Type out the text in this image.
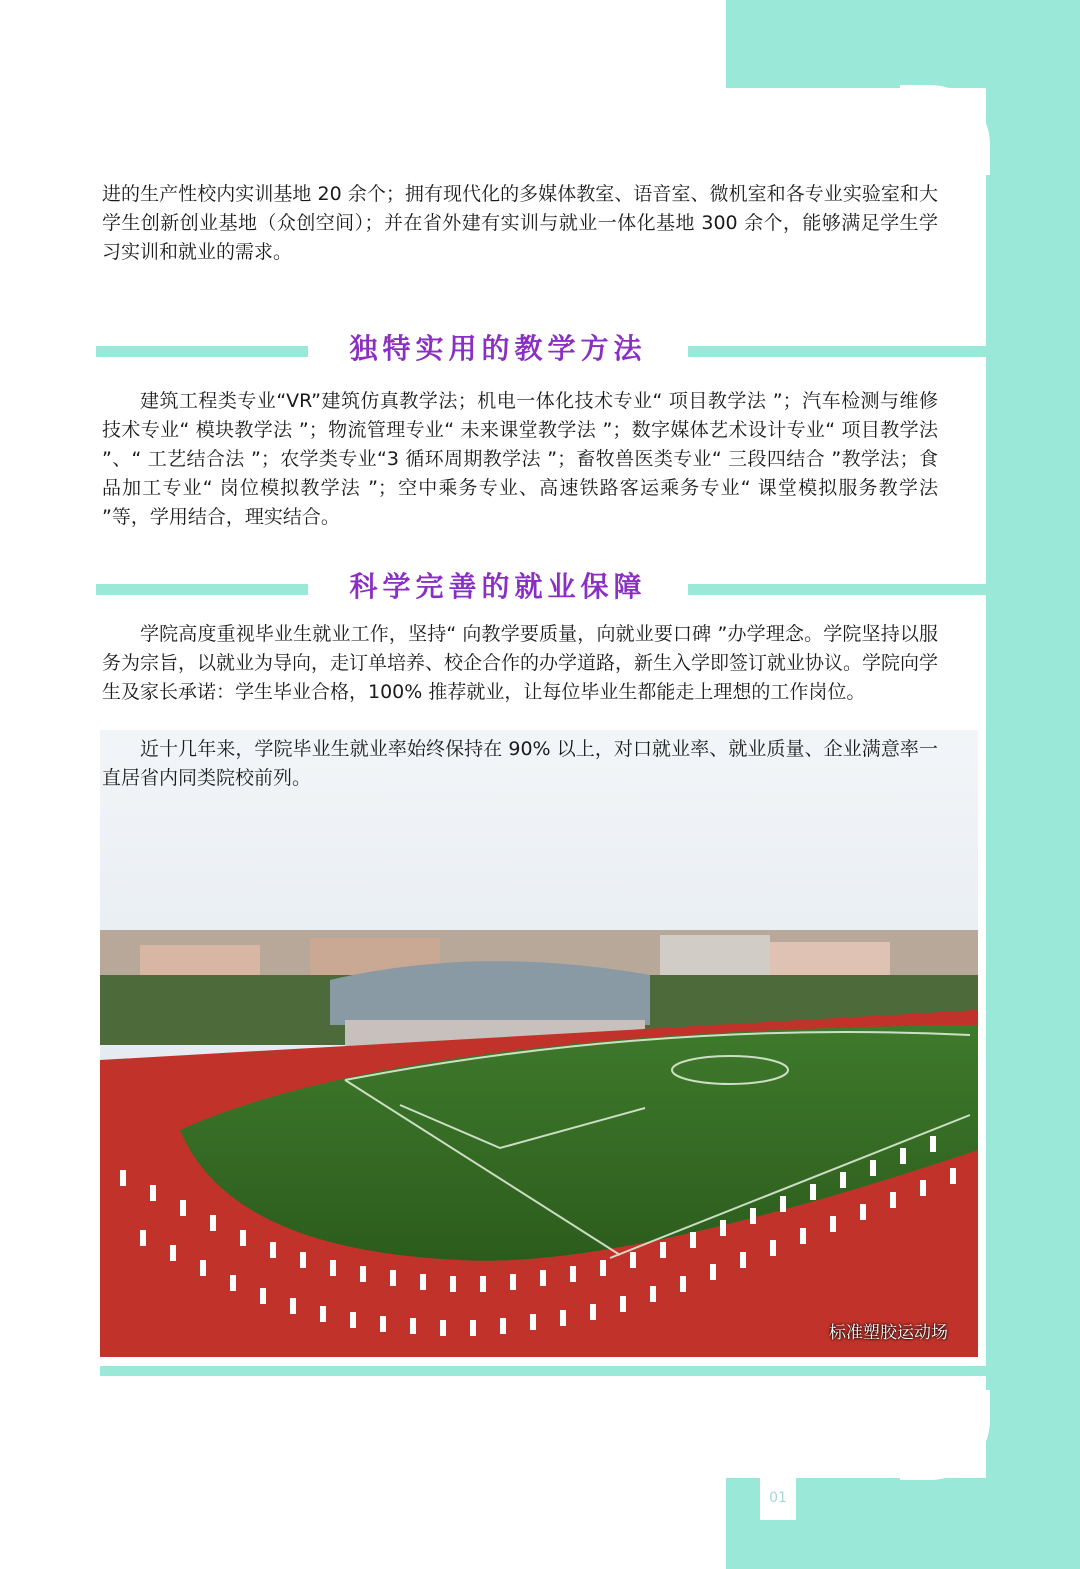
进的生产性校内实训基地 20 余个；拥有现代化的多媒体教室、语音室、微机室和各专业实验室和大学生创新创业基地（众创空间）；并在省外建有实训与就业一体化基地 300 余个，能够满足学生学习实训和就业的需求。

独特实用的教学方法

建筑工程类专业“VR”建筑仿真教学法；机电一体化技术专业“ 项目教学法 ”；汽车检测与维修技术专业“ 模块教学法 ”；物流管理专业“ 未来课堂教学法 ”；数字媒体艺术设计专业“ 项目教学法 ”、“ 工艺结合法 ”；农学类专业“3 循环周期教学法 ”；畜牧兽医类专业“ 三段四结合 ”教学法；食品加工专业“ 岗位模拟教学法 ”；空中乘务专业、高速铁路客运乘务专业“ 课堂模拟服务教学法 ”等，学用结合，理实结合。

科学完善的就业保障

学院高度重视毕业生就业工作，坚持“ 向教学要质量，向就业要口碑 ”办学理念。学院坚持以服务为宗旨，以就业为导向，走订单培养、校企合作的办学道路，新生入学即签订就业协议。学院向学生及家长承诺：学生毕业合格，100% 推荐就业，让每位毕业生都能走上理想的工作岗位。

标准塑胶运动场

近十几年来，学院毕业生就业率始终保持在 90% 以上，对口就业率、就业质量、企业满意率一直居省内同类院校前列。

01
